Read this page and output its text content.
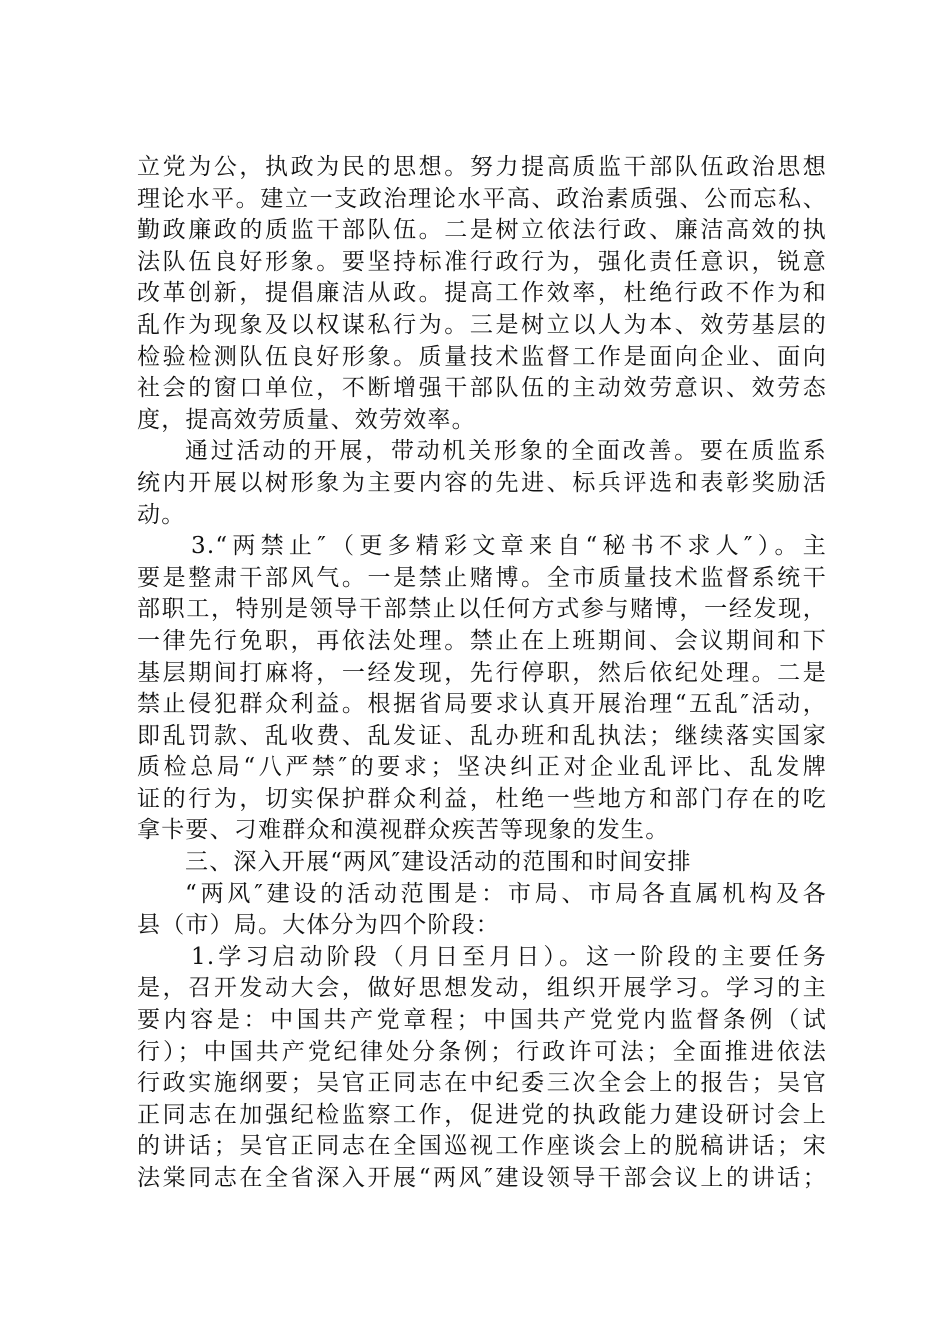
立党为公，执政为民的思想。努力提高质监干部队伍政治思想
理论水平。建立一支政治理论水平高、政治素质强、公而忘私、
勤政廉政的质监干部队伍。二是树立依法行政、廉洁高效的执
法队伍良好形象。要坚持标准行政行为，强化责任意识，锐意
改革创新，提倡廉洁从政。提高工作效率，杜绝行政不作为和
乱作为现象及以权谋私行为。三是树立以人为本、效劳基层的
检验检测队伍良好形象。质量技术监督工作是面向企业、面向
社会的窗口单位，不断增强干部队伍的主动效劳意识、效劳态
度，提高效劳质量、效劳效率。
通过活动的开展，带动机关形象的全面改善。要在质监系
统内开展以树形象为主要内容的先进、标兵评选和表彰奖励活
动。
3.“两禁止″（更多精彩文章来自“秘书不求人″）。主
要是整肃干部风气。一是禁止赌博。全市质量技术监督系统干
部职工，特别是领导干部禁止以任何方式参与赌博，一经发现，
一律先行免职，再依法处理。禁止在上班期间、会议期间和下
基层期间打麻将，一经发现，先行停职，然后依纪处理。二是
禁止侵犯群众利益。根据省局要求认真开展治理“五乱″活动，
即乱罚款、乱收费、乱发证、乱办班和乱执法；继续落实国家
质检总局“八严禁″的要求；坚决纠正对企业乱评比、乱发牌
证的行为，切实保护群众利益，杜绝一些地方和部门存在的吃
拿卡要、刁难群众和漠视群众疾苦等现象的发生。
三、深入开展“两风″建设活动的范围和时间安排
“两风″建设的活动范围是：市局、市局各直属机构及各
县（市）局。大体分为四个阶段：
1.学习启动阶段（月日至月日）。这一阶段的主要任务
是，召开发动大会，做好思想发动，组织开展学习。学习的主
要内容是：中国共产党章程；中国共产党党内监督条例（试
行）；中国共产党纪律处分条例；行政许可法；全面推进依法
行政实施纲要；吴官正同志在中纪委三次全会上的报告；吴官
正同志在加强纪检监察工作，促进党的执政能力建设研讨会上
的讲话；吴官正同志在全国巡视工作座谈会上的脱稿讲话；宋
法棠同志在全省深入开展“两风″建设领导干部会议上的讲话；
